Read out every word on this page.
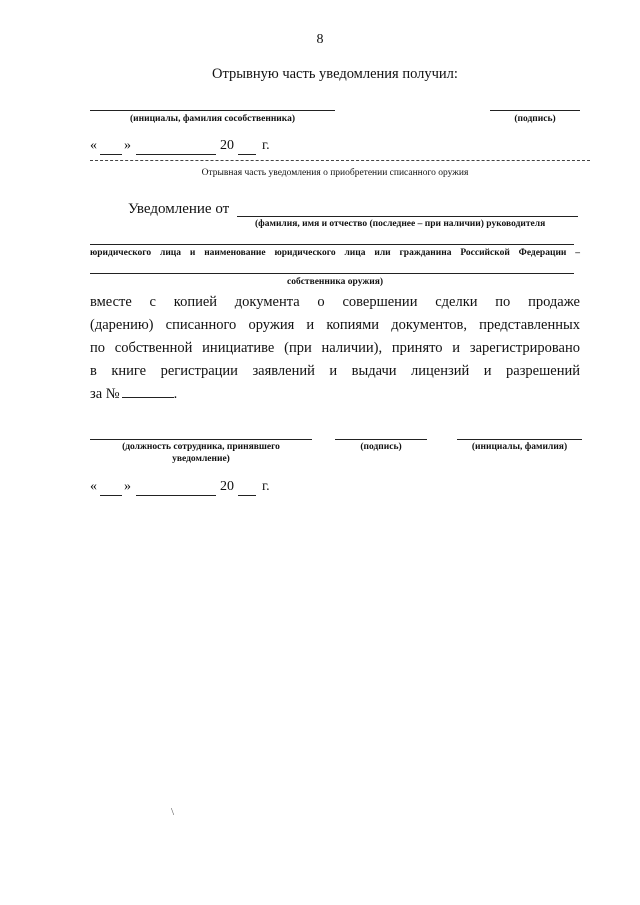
8
Отрывную часть уведомления получил:
(инициалы, фамилия сособственника)	(подпись)
« »	20 г.
Отрывная часть уведомления о приобретении списанного оружия
Уведомление от
(фамилия, имя и отчество (последнее – при наличии) руководителя
юридического лица и наименование юридического лица или гражданина Российской Федерации –
собственника оружия)
вместе с копией документа о совершении сделки по продаже
(дарению) списанного оружия и копиями документов, представленных
по собственной инициативе (при наличии), принято и зарегистрировано
в книге регистрации заявлений и выдачи лицензий и разрешений
за №	.
(должность сотрудника, принявшего
уведомление)
(подпись)	(инициалы, фамилия)
« »	20 г.
\
